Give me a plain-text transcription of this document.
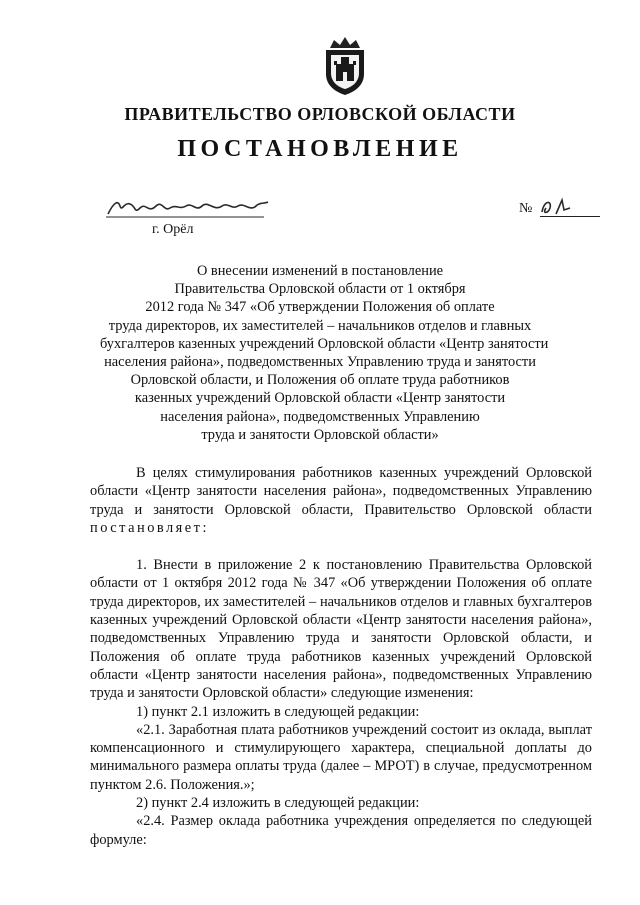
ПРАВИТЕЛЬСТВО ОРЛОВСКОЙ ОБЛАСТИ
ПОСТАНОВЛЕНИЕ
г. Орёл
№
О внесении изменений в постановление
Правительства Орловской области от 1 октября
2012 года № 347 «Об утверждении Положения об оплате
труда директоров, их заместителей – начальников отделов и главных
бухгалтеров казенных учреждений Орловской области «Центр занятости
населения района», подведомственных Управлению труда и занятости
Орловской области, и Положения об оплате труда работников
казенных учреждений Орловской области «Центр занятости
населения района», подведомственных Управлению
труда и занятости Орловской области»

В целях стимулирования работников казенных учреждений Орловской области «Центр занятости населения района», подведомственных Управлению труда и занятости Орловской области, Правительство Орловской области постановляет:

1. Внести в приложение 2 к постановлению Правительства Орловской области от 1 октября 2012 года № 347 «Об утверждении Положения об оплате труда директоров, их заместителей – начальников отделов и главных бухгалтеров казенных учреждений Орловской области «Центр занятости населения района», подведомственных Управлению труда и занятости Орловской области, и Положения об оплате труда работников казенных учреждений Орловской области «Центр занятости населения района», подведомственных Управлению труда и занятости Орловской области» следующие изменения:

1) пункт 2.1 изложить в следующей редакции:

«2.1. Заработная плата работников учреждений состоит из оклада, выплат компенсационного и стимулирующего характера, специальной доплаты до минимального размера оплаты труда (далее – МРОТ) в случае, предусмотренном пунктом 2.6. Положения.»;

2) пункт 2.4 изложить в следующей редакции:

«2.4. Размер оклада работника учреждения определяется по следующей формуле:
